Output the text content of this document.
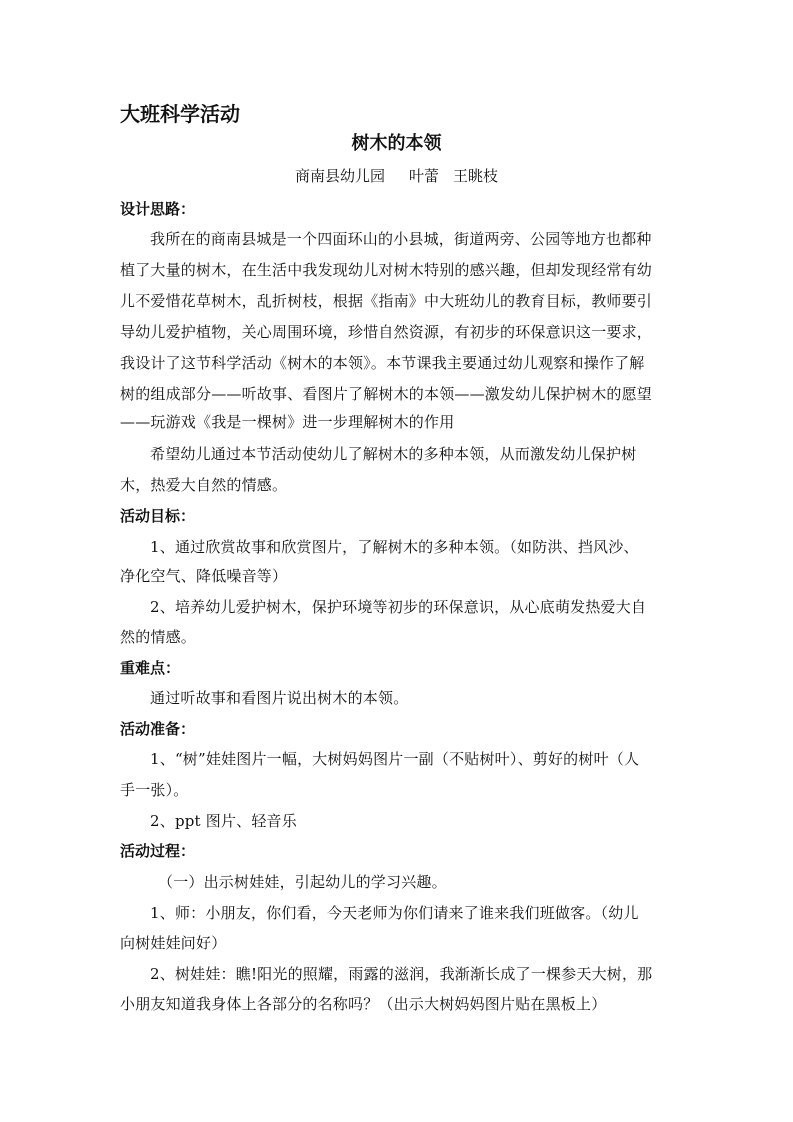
大班科学活动
树木的本领
商南县幼儿园 叶蕾 王眺枝
设计思路：
我所在的商南县城是一个四面环山的小县城，街道两旁、公园等地方也都种
植了大量的树木，在生活中我发现幼儿对树木特别的感兴趣，但却发现经常有幼
儿不爱惜花草树木，乱折树枝，根据《指南》中大班幼儿的教育目标，教师要引
导幼儿爱护植物，关心周围环境，珍惜自然资源，有初步的环保意识这一要求，
我设计了这节科学活动《树木的本领》。本节课我主要通过幼儿观察和操作了解
树的组成部分——听故事、看图片了解树木的本领——激发幼儿保护树木的愿望
——玩游戏《我是一棵树》进一步理解树木的作用
希望幼儿通过本节活动使幼儿了解树木的多种本领，从而激发幼儿保护树
木，热爱大自然的情感。
活动目标：
1、通过欣赏故事和欣赏图片，了解树木的多种本领。（如防洪、挡风沙、
净化空气、降低噪音等）
2、培养幼儿爱护树木，保护环境等初步的环保意识，从心底萌发热爱大自
然的情感。
重难点：
通过听故事和看图片说出树木的本领。
活动准备：
1、“树”娃娃图片一幅，大树妈妈图片一副（不贴树叶）、剪好的树叶（人
手一张）。
2、ppt 图片、轻音乐
活动过程：
（一）出示树娃娃，引起幼儿的学习兴趣。
1、师：小朋友，你们看，今天老师为你们请来了谁来我们班做客。（幼儿
向树娃娃问好）
2、树娃娃：瞧!阳光的照耀，雨露的滋润，我渐渐长成了一棵参天大树，那
小朋友知道我身体上各部分的名称吗？（出示大树妈妈图片贴在黑板上）
